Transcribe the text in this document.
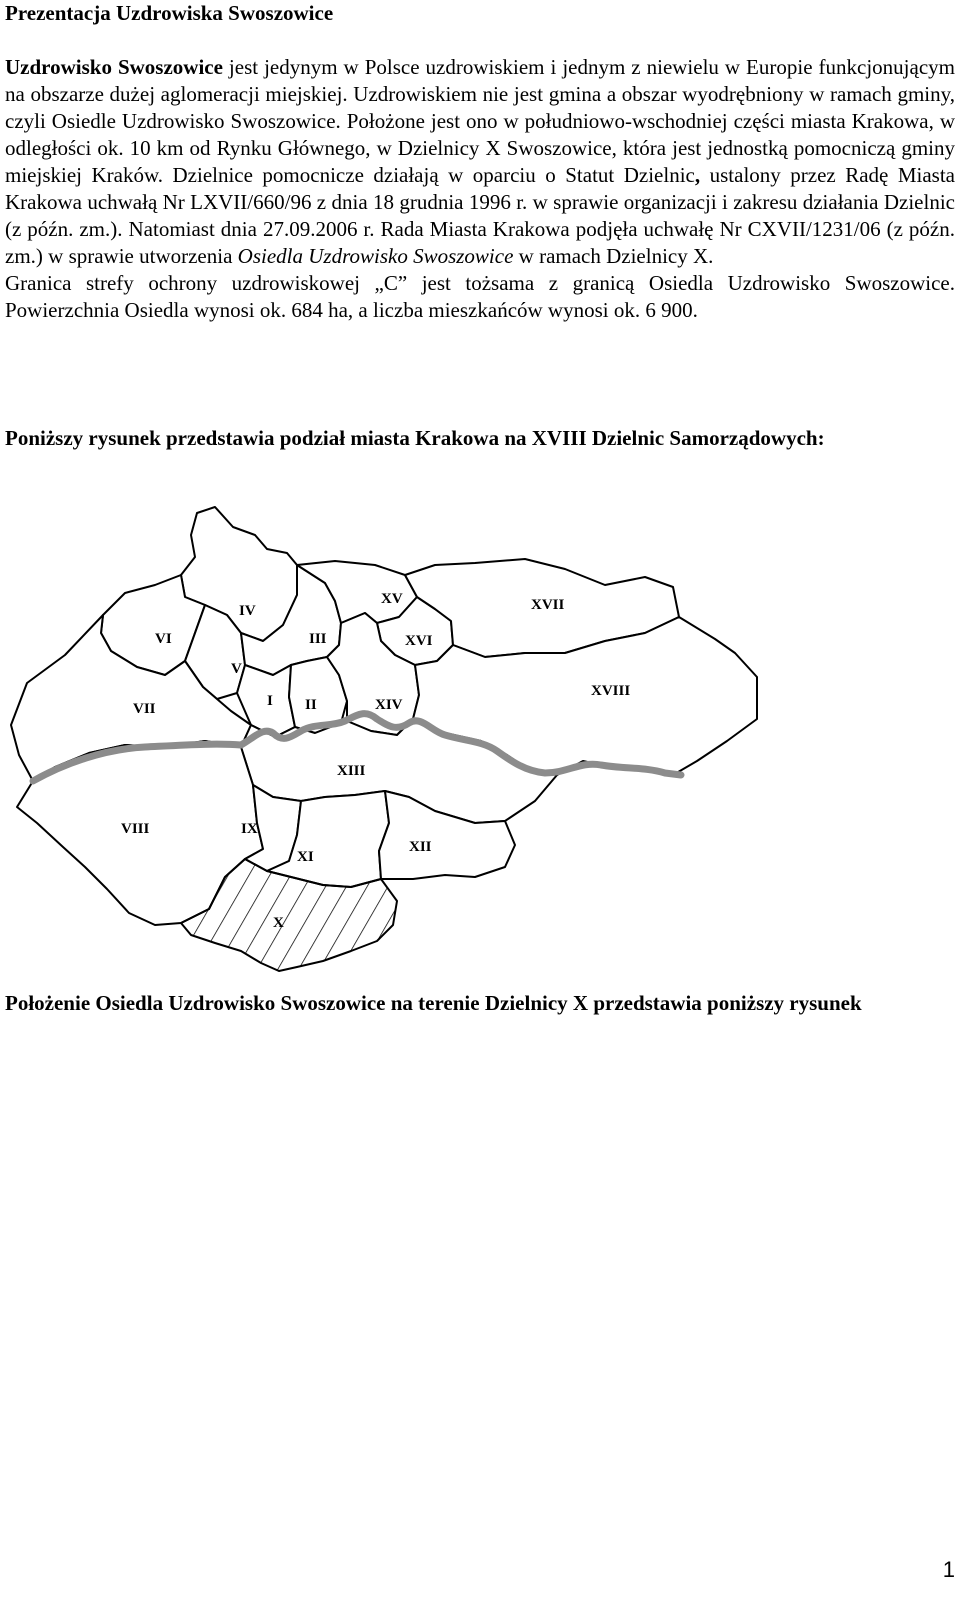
Prezentacja Uzdrowiska Swoszowice

Uzdrowisko Swoszowice jest jedynym w Polsce uzdrowiskiem i jednym z niewielu w Europie funkcjonującym na obszarze dużej aglomeracji miejskiej. Uzdrowiskiem nie jest gmina a obszar wyodrębniony w ramach gminy, czyli Osiedle Uzdrowisko Swoszowice. Położone jest ono w południowo-wschodniej części miasta Krakowa, w odległości ok. 10 km od Rynku Głównego, w Dzielnicy X Swoszowice, która jest jednostką pomocniczą gminy miejskiej Kraków. Dzielnice pomocnicze działają w oparciu o Statut Dzielnic, ustalony przez Radę Miasta Krakowa uchwałą Nr LXVII/660/96 z dnia 18 grudnia 1996 r. w sprawie organizacji i zakresu działania Dzielnic (z późn. zm.). Natomiast dnia 27.09.2006 r. Rada Miasta Krakowa podjęła uchwałę Nr CXVII/1231/06 (z późn. zm.) w sprawie utworzenia Osiedla Uzdrowisko Swoszowice w ramach Dzielnicy X.

Granica strefy ochrony uzdrowiskowej „C” jest tożsama z granicą Osiedla Uzdrowisko Swoszowice. Powierzchnia Osiedla wynosi ok. 684 ha, a liczba mieszkańców wynosi ok. 6 900.

Poniższy rysunek przedstawia podział miasta Krakowa na XVIII Dzielnic Samorządowych:
IV
VI
V
III
XV
XVI
XVII
XVIII
VII	I II	XIV
XIII
VIII	IX
XI
XII
X
Położenie Osiedla Uzdrowisko Swoszowice na terenie Dzielnicy X przedstawia poniższy rysunek
1
